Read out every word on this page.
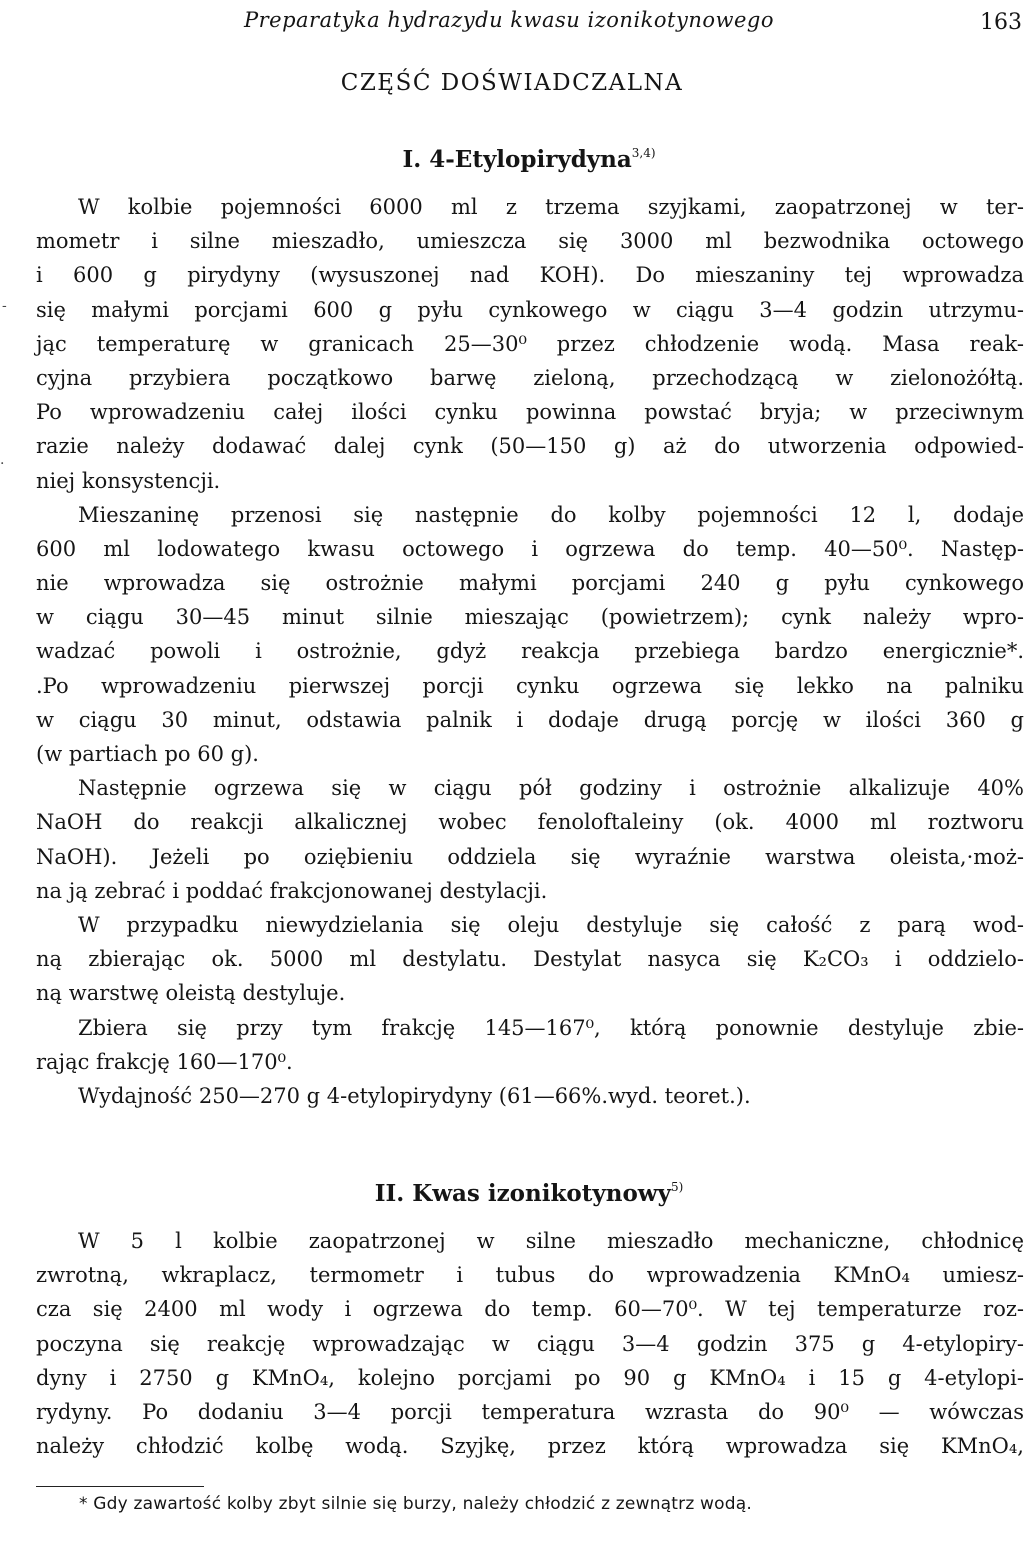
Preparatyka hydrazydu kwasu izonikotynowego	163
CZĘŚĆ DOŚWIADCZALNA
I. 4-Etylopirydyna$^{3,4)}$
-
·
W kolbie pojemności 6000 ml z trzema szyjkami, zaopatrzonej w ter-
mometr i silne mieszadło, umieszcza się 3000 ml bezwodnika octowego
i 600 g pirydyny (wysuszonej nad KOH). Do mieszaniny tej wprowadza
się małymi porcjami 600 g pyłu cynkowego w ciągu 3—4 godzin utrzymu-
jąc temperaturę w granicach 25—30⁰ przez chłodzenie wodą. Masa reak-
cyjna przybiera początkowo barwę zieloną, przechodzącą w zielonożółtą.
Po wprowadzeniu całej ilości cynku powinna powstać bryja; w przeciwnym
razie należy dodawać dalej cynk (50—150 g) aż do utworzenia odpowied-
niej konsystencji.
Mieszaninę przenosi się następnie do kolby pojemności 12 l, dodaje
600 ml lodowatego kwasu octowego i ogrzewa do temp. 40—50⁰. Następ-
nie wprowadza się ostrożnie małymi porcjami 240 g pyłu cynkowego
w ciągu 30—45 minut silnie mieszając (powietrzem); cynk należy wpro-
wadzać powoli i ostrożnie, gdyż reakcja przebiega bardzo energicznie*.
.Po wprowadzeniu pierwszej porcji cynku ogrzewa się lekko na palniku
w ciągu 30 minut, odstawia palnik i dodaje drugą porcję w ilości 360 g
(w partiach po 60 g).
Następnie ogrzewa się w ciągu pół godziny i ostrożnie alkalizuje 40%
NaOH do reakcji alkalicznej wobec fenoloftaleiny (ok. 4000 ml roztworu
NaOH). Jeżeli po oziębieniu oddziela się wyraźnie warstwa oleista,·moż-
na ją zebrać i poddać frakcjonowanej destylacji.
W przypadku niewydzielania się oleju destyluje się całość z parą wod-
ną zbierając ok. 5000 ml destylatu. Destylat nasyca się K₂CO₃ i oddzielo-
ną warstwę oleistą destyluje.
Zbiera się przy tym frakcję 145—167⁰, którą ponownie destyluje zbie-
rając frakcję 160—170⁰.
Wydajność 250—270 g 4-etylopirydyny (61—66%.wyd. teoret.).
II. Kwas izonikotynowy$^{5)}$
W 5 l kolbie zaopatrzonej w silne mieszadło mechaniczne, chłodnicę
zwrotną, wkraplacz, termometr i tubus do wprowadzenia KMnO₄ umiesz-
cza się 2400 ml wody i ogrzewa do temp. 60—70⁰. W tej temperaturze roz-
poczyna się reakcję wprowadzając w ciągu 3—4 godzin 375 g 4-etylopiry-
dyny i 2750 g KMnO₄, kolejno porcjami po 90 g KMnO₄ i 15 g 4-etylopi-
rydyny. Po dodaniu 3—4 porcji temperatura wzrasta do 90⁰ — wówczas
należy chłodzić kolbę wodą. Szyjkę, przez którą wprowadza się KMnO₄,
* Gdy zawartość kolby zbyt silnie się burzy, należy chłodzić z zewnątrz wodą.
